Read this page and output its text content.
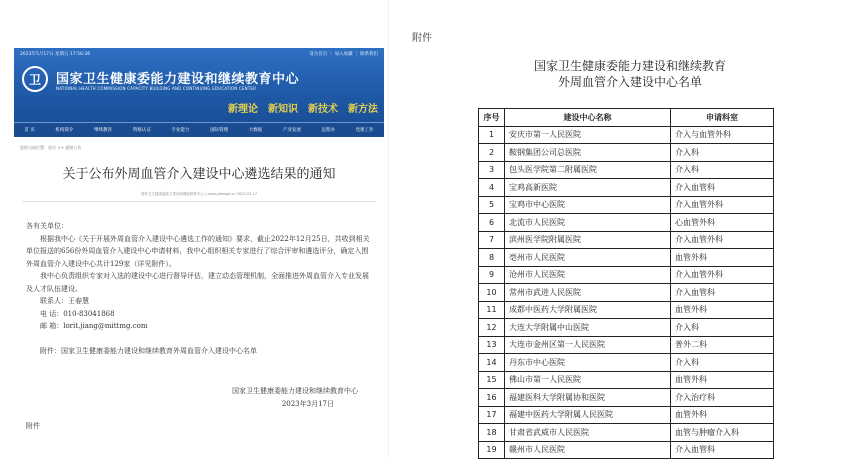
2023年5月17日 星期五 17:56:36	设为首页 ｜ 加入收藏 ｜ 联系我们
卫	国家卫生健康委能力建设和继续教育中心
NATIONAL HEALTH COMMISSION CAPACITY BUILDING AND CONTINUING EDUCATION CENTER
新理论 新知识 新技术 新方法
首 页	机构简介	继续教育	资格认证	专业能力	国际管理	大数据	产业发展	远程办	党建工作
您的当前位置：首页 >> 通知公告
关于公布外周血管介入建设中心遴选结果的通知
国家卫生健康委能力建设和继续教育中心 | www.ybwxgd.cn 2023-03-17

各有关单位：

根据我中心《关于开展外周血管介入建设中心遴选工作的通知》要求，截止2022年12月25日，共收到相关单位报送的656份外周血管介入建设中心申请材料，我中心组织相关专家进行了综合评审和遴选评分，确定入围外周血管介入建设中心共计129家（详见附件）。

我中心负责组织专家对入选的建设中心进行督导评估，建立动态管理机制，全面推进外周血管介入专业发展及人才队伍建设。

联系人：王春慧

电 话：010-83041868

邮 箱：lorit.jiang@mittmg.com

附件：国家卫生健康委能力建设和继续教育外周血管介入建设中心名单

国家卫生健康委能力建设和继续教育中心

2023年3月17日

附件

附件
国家卫生健康委能力建设和继续教育
外周血管介入建设中心名单
序号	建设中心名称	申请科室
1	安庆市第一人民医院	介入与血管外科
2	鞍钢集团公司总医院	介入科
3	包头医学院第二附属医院	介入科
4	宝鸡高新医院	介入血管科
5	宝鸡市中心医院	介入血管外科
6	北流市人民医院	心血管外科
7	滨州医学院附属医院	介入血管外科
8	亳州市人民医院	血管外科
9	沧州市人民医院	介入血管外科
10	常州市武进人民医院	介入血管科
11	成都中医药大学附属医院	血管外科
12	大连大学附属中山医院	介入科
13	大连市金州区第一人民医院	普外二科
14	丹东市中心医院	介入科
15	佛山市第一人民医院	血管外科
16	福建医科大学附属协和医院	介入治疗科
17	福建中医药大学附属人民医院	血管外科
18	甘肃省武威市人民医院	血管与肿瘤介入科
19	赣州市人民医院	介入血管科
